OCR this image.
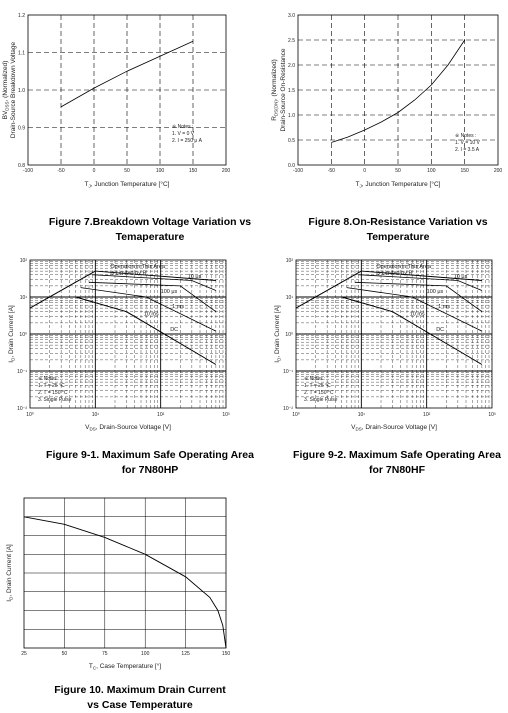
-100	-50	0	50	100	150	200
0.8
0.9
1.0
1.1
1.2
$T_J$, Junction Temperature [°C]
$BV_{DSS}$, (Normalized) Drain-Source Breakdown Voltage	※ Notes :
1. V = 0 V
2. I = 250 μ A
-100	-50	0	50	100	150	200
0.0
0.5
1.0
1.5
2.0
2.5
3.0
$T_J$, Junction Temperature [°C]
$R_{DS(ON)}$, (Normalized) Drain-Source On-Resistance
※ Notes :
1. V = 10 V
2. I = 3.5 A
10⁰	10¹	10²	10³
10⁻²
10⁻¹
10⁰
10¹
10²
Operation in This Area
is Limited by R
10 μs
100 μs
1 ms
10 ms
DC
※ Notes :
1. T = 25 °C
2. T = 150 °C
3. Single Pulse
$V_{DS}$, Drain-Source Voltage [V]
$I_D$, Drain Current [A]
10⁰	10¹	10²	10³
10⁻²
10⁻¹
10⁰
10¹
10²
Operation in This Area
is Limited by R
10 μs
100 μs
1 ms
10 ms
DC
※ Notes :
1. T = 25 °C
2. T = 150 °C
3. Single Pulse
$V_{DS}$, Drain-Source Voltage [V]
$I_D$, Drain Current [A]
25	50	75	100	125	150
$T_C$, Case Temperature [°]
$I_D$, Drain Current [A]
Figure 7.Breakdown Voltage Variation vs
Temaperature
Figure 8.On-Resistance Variation vs
Temperature
Figure 9-1. Maximum Safe Operating Area
for 7N80HP
Figure 9-2. Maximum Safe Operating Area
for 7N80HF
Figure 10. Maximum Drain Current
vs Case Temperature
